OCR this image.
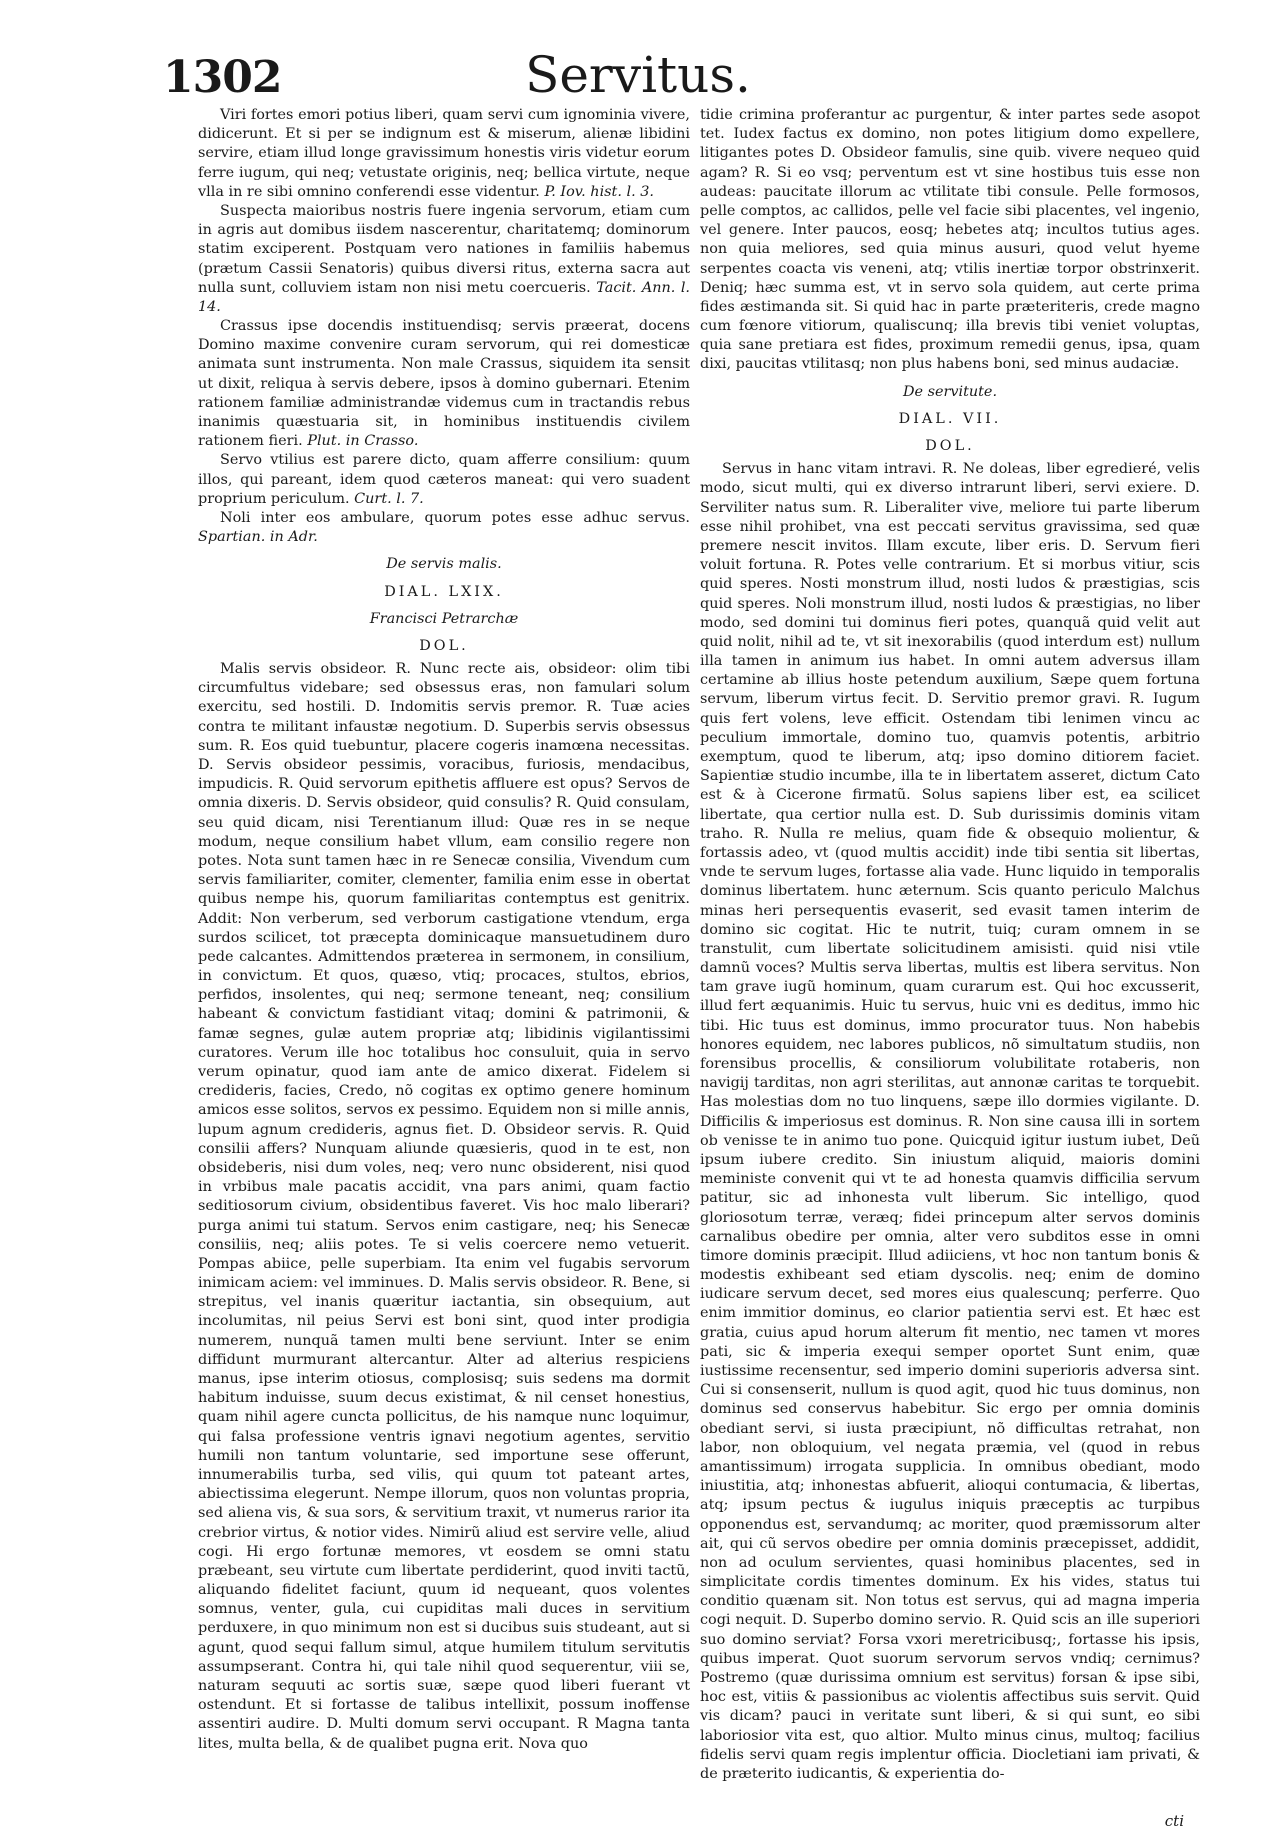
1302	Servitus.

Viri fortes emori potius liberi, quam servi cum ignominia vivere, didicerunt. Et si per se indignum est & miserum, alienæ libidini servire, etiam illud longe gravissimum honestis viris videtur eorum ferre iugum, qui neq; vetustate originis, neq; bellica virtute, neque vlla in re sibi omnino conferendi esse videntur. P. Iov. hist. l. 3.

Suspecta maioribus nostris fuere ingenia servorum, etiam cum in agris aut domibus iisdem nascerentur, charitatemq; dominorum statim exciperent. Postquam vero nationes in familiis habemus (prætum Cassii Senatoris) quibus diversi ritus, externa sacra aut nulla sunt, colluviem istam non nisi metu coercueris. Tacit. Ann. l. 14.

Crassus ipse docendis instituendisq; servis præerat, docens Domino maxime convenire curam servorum, qui rei domesticæ animata sunt instrumenta. Non male Crassus, siquidem ita sensit ut dixit, reliqua à servis debere, ipsos à domino gubernari. Etenim rationem familiæ administrandæ videmus cum in tractandis rebus inanimis quæstuaria sit, in hominibus instituendis civilem rationem fieri. Plut. in Crasso.

Servo vtilius est parere dicto, quam afferre consilium: quum illos, qui pareant, idem quod cæteros maneat: qui vero suadent proprium periculum. Curt. l. 7.

Noli inter eos ambulare, quorum potes esse adhuc servus. Spartian. in Adr.

De servis malis.
DIAL. LXIX.
Francisci Petrarchæ
DOL.

Malis servis obsideor. R. Nunc recte ais, obsideor: olim tibi circumfultus videbare; sed obsessus eras, non famulari solum exercitu, sed hostili. D. Indomitis servis premor. R. Tuæ acies contra te militant infaustæ negotium. D. Superbis servis obsessus sum. R. Eos quid tuebuntur, placere cogeris inamœna necessitas. D. Servis obsideor pessimis, voracibus, furiosis, mendacibus, impudicis. R. Quid servorum epithetis affluere est opus? Servos de omnia dixeris. D. Servis obsideor, quid consulis? R. Quid consulam, seu quid dicam, nisi Terentianum illud: Quæ res in se neque modum, neque consilium habet vllum, eam consilio regere non potes. Nota sunt tamen hæc in re Senecæ consilia, Vivendum cum servis familiariter, comiter, clementer, familia enim esse in obertat quibus nempe his, quorum familiaritas contemptus est genitrix. Addit: Non verberum, sed verborum castigatione vtendum, erga surdos scilicet, tot præcepta dominicaque mansuetudinem duro pede calcantes. Admittendos præterea in sermonem, in consilium, in convictum. Et quos, quæso, vtiq; procaces, stultos, ebrios, perfidos, insolentes, qui neq; sermone teneant, neq; consilium habeant & convictum fastidiant vitaq; domini & patrimonii, & famæ segnes, gulæ autem propriæ atq; libidinis vigilantissimi curatores. Verum ille hoc totalibus hoc consuluit, quia in servo verum opinatur, quod iam ante de amico dixerat. Fidelem si credideris, facies, Credo, nõ cogitas ex optimo genere hominum amicos esse solitos, servos ex pessimo. Equidem non si mille annis, lupum agnum credideris, agnus fiet. D. Obsideor servis. R. Quid consilii affers? Nunquam aliunde quæsieris, quod in te est, non obsideberis, nisi dum voles, neq; vero nunc obsiderent, nisi quod in vrbibus male pacatis accidit, vna pars animi, quam factio seditiosorum civium, obsidentibus faveret. Vis hoc malo liberari? purga animi tui statum. Servos enim castigare, neq; his Senecæ consiliis, neq; aliis potes. Te si velis coercere nemo vetuerit. Pompas abiice, pelle superbiam. Ita enim vel fugabis servorum inimicam aciem: vel imminues. D. Malis servis obsideor. R. Bene, si strepitus, vel inanis quæritur iactantia, sin obsequium, aut incolumitas, nil peius Servi est boni sint, quod inter prodigia numerem, nunquã tamen multi bene serviunt. Inter se enim diffidunt murmurant altercantur. Alter ad alterius respiciens manus, ipse interim otiosus, complosisq; suis sedens ma dormit habitum induisse, suum decus existimat, & nil censet honestius, quam nihil agere cuncta pollicitus, de his namque nunc loquimur, qui falsa professione ventris ignavi negotium agentes, servitio humili non tantum voluntarie, sed importune sese offerunt, innumerabilis turba, sed vilis, qui quum tot pateant artes, abiectissima elegerunt. Nempe illorum, quos non voluntas propria, sed aliena vis, & sua sors, & servitium traxit, vt numerus rarior ita crebrior virtus, & notior vides. Nimirũ aliud est servire velle, aliud cogi. Hi ergo fortunæ memores, vt eosdem se omni statu præbeant, seu virtute cum libertate perdiderint, quod inviti tactũ, aliquando fidelitet faciunt, quum id nequeant, quos volentes somnus, venter, gula, cui cupiditas mali duces in servitium perduxere, in quo minimum non est si ducibus suis studeant, aut si agunt, quod sequi fallum simul, atque humilem titulum servitutis assumpserant. Contra hi, qui tale nihil quod sequerentur, viii se, naturam sequuti ac sortis suæ, sæpe quod liberi fuerant vt ostendunt. Et si fortasse de talibus intellixit, possum inoffense assentiri audire. D. Multi domum servi occupant. R Magna tanta lites, multa bella, & de qualibet pugna erit. Nova quo

tidie crimina proferantur ac purgentur, & inter partes sede asopot tet. Iudex factus ex domino, non potes litigium domo expellere, litigantes potes D. Obsideor famulis, sine quib. vivere nequeo quid agam? R. Si eo vsq; perventum est vt sine hostibus tuis esse non audeas: paucitate illorum ac vtilitate tibi consule. Pelle formosos, pelle comptos, ac callidos, pelle vel facie sibi placentes, vel ingenio, vel genere. Inter paucos, eosq; hebetes atq; incultos tutius ages. non quia meliores, sed quia minus ausuri, quod velut hyeme serpentes coacta vis veneni, atq; vtilis inertiæ torpor obstrinxerit. Deniq; hæc summa est, vt in servo sola quidem, aut certe prima fides æstimanda sit. Si quid hac in parte præteriteris, crede magno cum fœnore vitiorum, qualiscunq; illa brevis tibi veniet voluptas, quia sane pretiara est fides, proximum remedii genus, ipsa, quam dixi, paucitas vtilitasq; non plus habens boni, sed minus audaciæ.

De servitute.
DIAL. VII.
DOL.

Servus in hanc vitam intravi. R. Ne doleas, liber egredieré, velis modo, sicut multi, qui ex diverso intrarunt liberi, servi exiere. D. Serviliter natus sum. R. Liberaliter vive, meliore tui parte liberum esse nihil prohibet, vna est peccati servitus gravissima, sed quæ premere nescit invitos. Illam excute, liber eris. D. Servum fieri voluit fortuna. R. Potes velle contrarium. Et si morbus vitiur, scis quid speres. Nosti monstrum illud, nosti ludos & præstigias, scis quid speres. Noli monstrum illud, nosti ludos & præstigias, no liber modo, sed domini tui dominus fieri potes, quanquã quid velit aut quid nolit, nihil ad te, vt sit inexorabilis (quod interdum est) nullum illa tamen in animum ius habet. In omni autem adversus illam certamine ab illius hoste petendum auxilium, Sæpe quem fortuna servum, liberum virtus fecit. D. Servitio premor gravi. R. Iugum quis fert volens, leve efficit. Ostendam tibi lenimen vincu ac peculium immortale, domino tuo, quamvis potentis, arbitrio exemptum, quod te liberum, atq; ipso domino ditiorem faciet. Sapientiæ studio incumbe, illa te in libertatem asseret, dictum Cato est & à Cicerone firmatũ. Solus sapiens liber est, ea scilicet libertate, qua certior nulla est. D. Sub durissimis dominis vitam traho. R. Nulla re melius, quam fide & obsequio molientur, & fortassis adeo, vt (quod multis accidit) inde tibi sentia sit libertas, vnde te servum luges, fortasse alia vade. Hunc liquido in temporalis dominus libertatem. hunc æternum. Scis quanto periculo Malchus minas heri persequentis evaserit, sed evasit tamen interim de domino sic cogitat. Hic te nutrit, tuiq; curam omnem in se transtulit, cum libertate solicitudinem amisisti. quid nisi vtile damnũ voces? Multis serva libertas, multis est libera servitus. Non tam grave iugũ hominum, quam curarum est. Qui hoc excusserit, illud fert æquanimis. Huic tu servus, huic vni es deditus, immo hic tibi. Hic tuus est dominus, immo procurator tuus. Non habebis honores equidem, nec labores publicos, nõ simultatum studiis, non forensibus procellis, & consiliorum volubilitate rotaberis, non navigij tarditas, non agri sterilitas, aut annonæ caritas te torquebit. Has molestias dom no tuo linquens, sæpe illo dormies vigilante. D. Difficilis & imperiosus est dominus. R. Non sine causa illi in sortem ob venisse te in animo tuo pone. Quicquid igitur iustum iubet, Deũ ipsum iubere credito. Sin iniustum aliquid, maioris domini meministe convenit qui vt te ad honesta quamvis difficilia servum patitur, sic ad inhonesta vult liberum. Sic intelligo, quod gloriosotum terræ, veræq; fidei princepum alter servos dominis carnalibus obedire per omnia, alter vero subditos esse in omni timore dominis præcipit. Illud adiiciens, vt hoc non tantum bonis & modestis exhibeant sed etiam dyscolis. neq; enim de domino iudicare servum decet, sed mores eius qualescunq; perferre. Quo enim immitior dominus, eo clarior patientia servi est. Et hæc est gratia, cuius apud horum alterum fit mentio, nec tamen vt mores pati, sic & imperia exequi semper oportet Sunt enim, quæ iustissime recensentur, sed imperio domini superioris adversa sint. Cui si consenserit, nullum is quod agit, quod hic tuus dominus, non dominus sed conservus habebitur. Sic ergo per omnia dominis obediant servi, si iusta præcipiunt, nõ difficultas retrahat, non labor, non obloquium, vel negata præmia, vel (quod in rebus amantissimum) irrogata supplicia. In omnibus obediant, modo iniustitia, atq; inhonestas abfuerit, alioqui contumacia, & libertas, atq; ipsum pectus & iugulus iniquis præceptis ac turpibus opponendus est, servandumq; ac moriter, quod præmissorum alter ait, qui cũ servos obedire per omnia dominis præcepisset, addidit, non ad oculum servientes, quasi hominibus placentes, sed in simplicitate cordis timentes dominum. Ex his vides, status tui conditio quænam sit. Non totus est servus, qui ad magna imperia cogi nequit. D. Superbo domino servio. R. Quid scis an ille superiori suo domino serviat? Forsa vxori meretricibusq;, fortasse his ipsis, quibus imperat. Quot suorum servorum servos vndiq; cernimus? Postremo (quæ durissima omnium est servitus) forsan & ipse sibi, hoc est, vitiis & passionibus ac violentis affectibus suis servit. Quid vis dicam? pauci in veritate sunt liberi, & si qui sunt, eo sibi laboriosior vita est, quo altior. Multo minus cinus, multoq; facilius fidelis servi quam regis implentur officia. Diocletiani iam privati, & de præterito iudicantis, & experientia do-

cti
